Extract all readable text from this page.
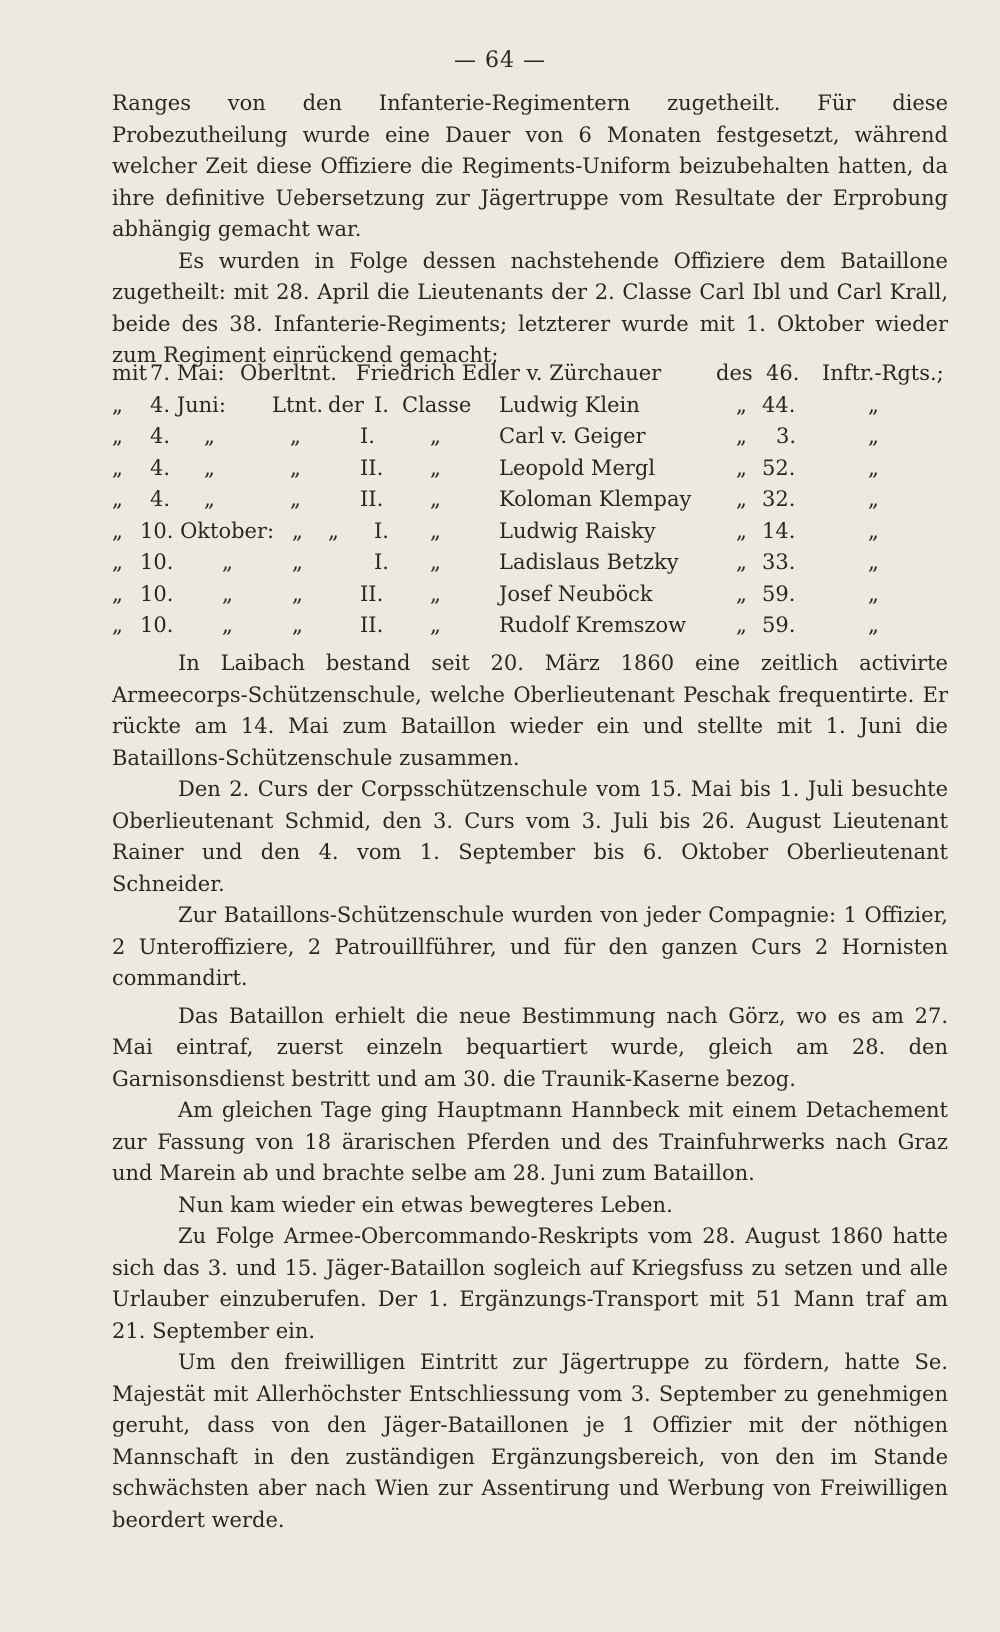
— 64 —

Ranges von den Infanterie-Regimentern zugetheilt. Für diese Probezutheilung wurde eine Dauer von 6 Monaten festgesetzt, während welcher Zeit diese Offiziere die Regiments-Uniform beizubehalten hatten, da ihre definitive Uebersetzung zur Jägertruppe vom Resultate der Erprobung abhängig gemacht war.

Es wurden in Folge dessen nachstehende Offiziere dem Bataillone zugetheilt: mit 28. April die Lieutenants der 2. Classe Carl Ibl und Carl Krall, beide des 38. Infanterie-Regiments; letzterer wurde mit 1. Oktober wieder zum Regiment einrückend gemacht;

mit 7. Mai: Oberltnt. Friedrich Edler v. Zürchauer	des 46. Inftr.-Rgts.;
„ 4. Juni: Ltnt. der I. Classe Ludwig Klein	„ 44.	„
„ 4. „	„	I.	„	Carl v. Geiger	„ 3.	„
„ 4. „	„	II. „	Leopold Mergl	„ 52.	„
„ 4. „	„	II. „	Koloman Klempay „ 32.	„
„ 10. Oktober: „ „ I. „	Ludwig Raisky	„ 14.	„
„ 10. „	„	I. „	Ladislaus Betzky	„ 33.	„
„ 10. „	„	II. „	Josef Neuböck	„ 59.	„
„ 10. „	„	II. „	Rudolf Kremszow „ 59.	„

In Laibach bestand seit 20. März 1860 eine zeitlich activirte Armeecorps-Schützenschule, welche Oberlieutenant Peschak frequentirte. Er rückte am 14. Mai zum Bataillon wieder ein und stellte mit 1. Juni die Bataillons-Schützenschule zusammen.

Den 2. Curs der Corpsschützenschule vom 15. Mai bis 1. Juli besuchte Oberlieutenant Schmid, den 3. Curs vom 3. Juli bis 26. August Lieutenant Rainer und den 4. vom 1. September bis 6. Oktober Oberlieutenant Schneider.

Zur Bataillons-Schützenschule wurden von jeder Compagnie: 1 Offizier, 2 Unteroffiziere, 2 Patrouillführer, und für den ganzen Curs 2 Hornisten commandirt.

Das Bataillon erhielt die neue Bestimmung nach Görz, wo es am 27. Mai eintraf, zuerst einzeln bequartiert wurde, gleich am 28. den Garnisonsdienst bestritt und am 30. die Traunik-Kaserne bezog.

Am gleichen Tage ging Hauptmann Hannbeck mit einem Detachement zur Fassung von 18 ärarischen Pferden und des Trainfuhrwerks nach Graz und Marein ab und brachte selbe am 28. Juni zum Bataillon.

Nun kam wieder ein etwas bewegteres Leben.

Zu Folge Armee-Obercommando-Reskripts vom 28. August 1860 hatte sich das 3. und 15. Jäger-Bataillon sogleich auf Kriegsfuss zu setzen und alle Urlauber einzuberufen. Der 1. Ergänzungs-Transport mit 51 Mann traf am 21. September ein.

Um den freiwilligen Eintritt zur Jägertruppe zu fördern, hatte Se. Majestät mit Allerhöchster Entschliessung vom 3. September zu genehmigen geruht, dass von den Jäger-Bataillonen je 1 Offizier mit der nöthigen Mannschaft in den zuständigen Ergänzungsbereich, von den im Stande schwächsten aber nach Wien zur Assentirung und Werbung von Freiwilligen beordert werde.
